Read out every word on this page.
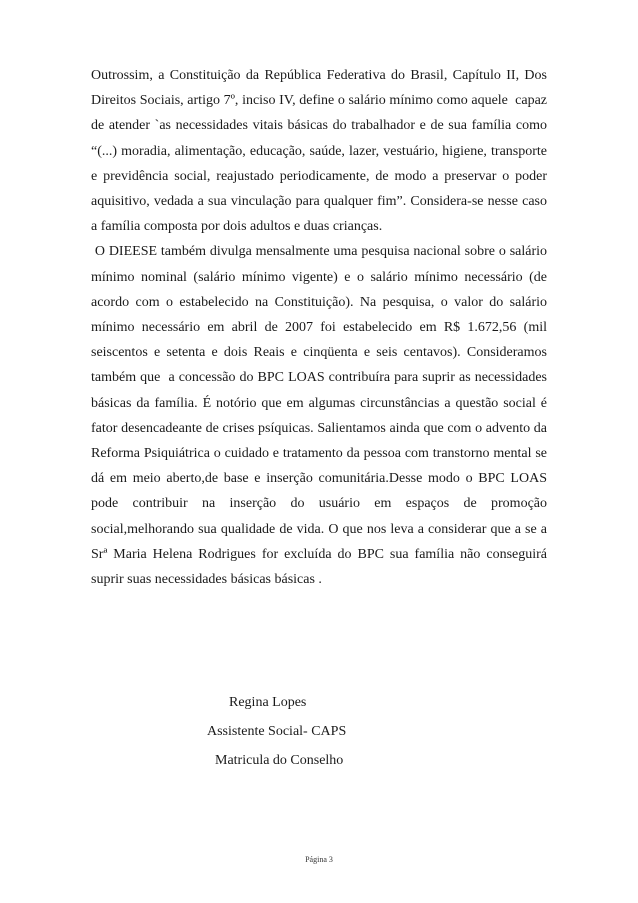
Outrossim, a Constituição da República Federativa do Brasil, Capítulo II, Dos Direitos Sociais, artigo 7º, inciso IV, define o salário mínimo como aquele  capaz de atender `as necessidades vitais básicas do trabalhador e de sua família como “(...) moradia, alimentação, educação, saúde, lazer, vestuário, higiene, transporte e previdência social, reajustado periodicamente, de modo a preservar o poder aquisitivo, vedada a sua vinculação para qualquer fim”. Considera-se nesse caso a família composta por dois adultos e duas crianças.

O DIEESE também divulga mensalmente uma pesquisa nacional sobre o salário mínimo nominal (salário mínimo vigente) e o salário mínimo necessário (de acordo com o estabelecido na Constituição). Na pesquisa, o valor do salário mínimo necessário em abril de 2007 foi estabelecido em R$ 1.672,56 (mil seiscentos e setenta e dois Reais e cinqüenta e seis centavos). Consideramos também que  a concessão do BPC LOAS contribuíra para suprir as necessidades básicas da família. É notório que em algumas circunstâncias a questão social é fator desencadeante de crises psíquicas. Salientamos ainda que com o advento da Reforma Psiquiátrica o cuidado e tratamento da pessoa com transtorno mental se dá em meio aberto,de base e inserção comunitária.Desse modo o BPC LOAS pode contribuir na inserção do usuário em espaços de promoção social,melhorando sua qualidade de vida. O que nos leva a considerar que a se a Srª Maria Helena Rodrigues for excluída do BPC sua família não conseguirá suprir suas necessidades básicas básicas .

Regina Lopes
Assistente Social- CAPS
Matricula do Conselho
Página 3
